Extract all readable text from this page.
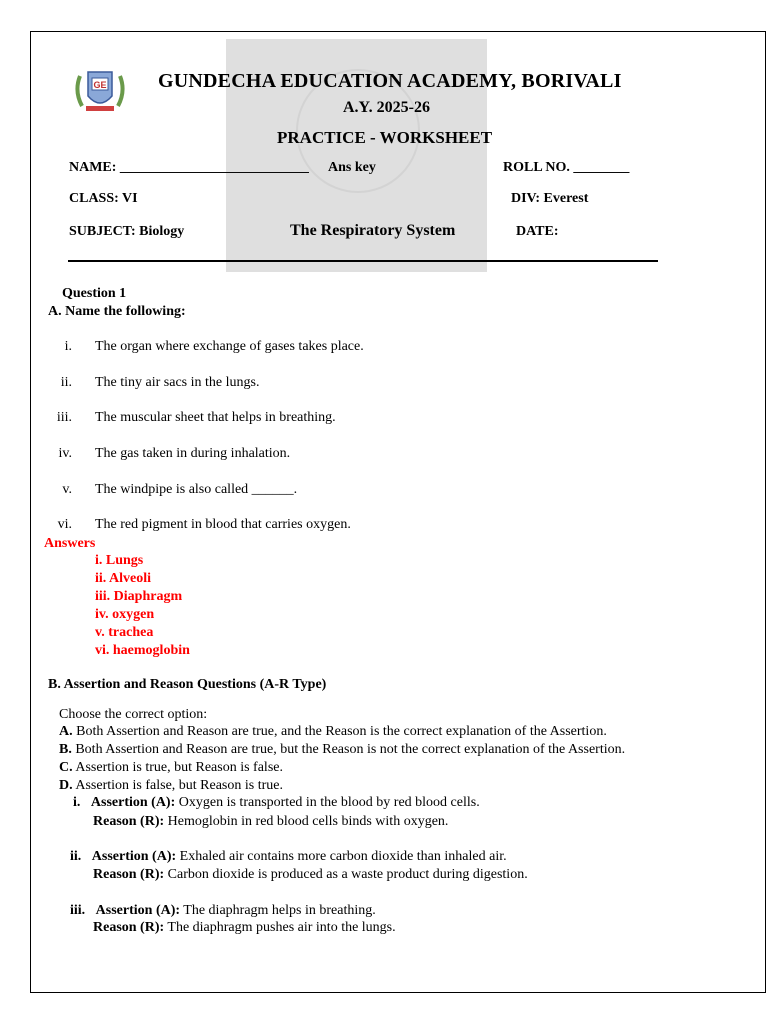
GE	GUNDECHA EDUCATION ACADEMY, BORIVALI
A.Y. 2025-26
PRACTICE - WORKSHEET
NAME: ___________________________ Ans key	ROLL NO. ________
CLASS: VI	DIV: Everest
SUBJECT: Biology	The Respiratory System	DATE:
Question 1
A. Name the following:
i. The organ where exchange of gases takes place.
ii. The tiny air sacs in the lungs.
iii. The muscular sheet that helps in breathing.
iv. The gas taken in during inhalation.
v. The windpipe is also called ______.
vi. The red pigment in blood that carries oxygen.
Answers
i. Lungs
ii. Alveoli
iii. Diaphragm
iv. oxygen
v. trachea
vi. haemoglobin
B. Assertion and Reason Questions (A-R Type)
Choose the correct option:
A. Both Assertion and Reason are true, and the Reason is the correct explanation of the Assertion.
B. Both Assertion and Reason are true, but the Reason is not the correct explanation of the Assertion.
C. Assertion is true, but Reason is false.
D. Assertion is false, but Reason is true.
i. Assertion (A): Oxygen is transported in the blood by red blood cells.
Reason (R): Hemoglobin in red blood cells binds with oxygen.
ii. Assertion (A): Exhaled air contains more carbon dioxide than inhaled air.
Reason (R): Carbon dioxide is produced as a waste product during digestion.
iii. Assertion (A): The diaphragm helps in breathing.
Reason (R): The diaphragm pushes air into the lungs.
